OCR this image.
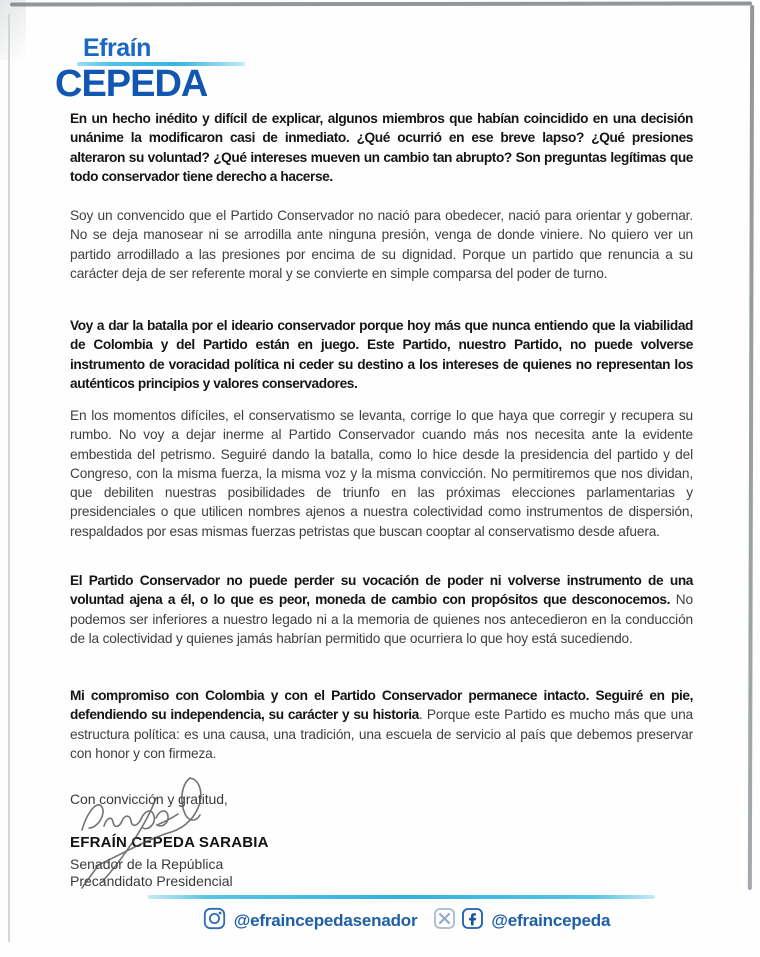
Efraín
CEPEDA

En un hecho inédito y difícil de explicar, algunos miembros que habían coincidido en una decisión unánime la modificaron casi de inmediato. ¿Qué ocurrió en ese breve lapso? ¿Qué presiones alteraron su voluntad? ¿Qué intereses mueven un cambio tan abrupto? Son preguntas legítimas que todo conservador tiene derecho a hacerse.

Soy un convencido que el Partido Conservador no nació para obedecer, nació para orientar y gobernar. No se deja manosear ni se arrodilla ante ninguna presión, venga de donde viniere. No quiero ver un partido arrodillado a las presiones por encima de su dignidad. Porque un partido que renuncia a su carácter deja de ser referente moral y se convierte en simple comparsa del poder de turno.

Voy a dar la batalla por el ideario conservador porque hoy más que nunca entiendo que la viabilidad de Colombia y del Partido están en juego. Este Partido, nuestro Partido, no puede volverse instrumento de voracidad política ni ceder su destino a los intereses de quienes no representan los auténticos principios y valores conservadores.

En los momentos difíciles, el conservatismo se levanta, corrige lo que haya que corregir y recupera su rumbo. No voy a dejar inerme al Partido Conservador cuando más nos necesita ante la evidente embestida del petrismo. Seguiré dando la batalla, como lo hice desde la presidencia del partido y del Congreso, con la misma fuerza, la misma voz y la misma convicción. No permitiremos que nos dividan, que debiliten nuestras posibilidades de triunfo en las próximas elecciones parlamentarias y presidenciales o que utilicen nombres ajenos a nuestra colectividad como instrumentos de dispersión, respaldados por esas mismas fuerzas petristas que buscan cooptar al conservatismo desde afuera.

El Partido Conservador no puede perder su vocación de poder ni volverse instrumento de una voluntad ajena a él, o lo que es peor, moneda de cambio con propósitos que desconocemos. No podemos ser inferiores a nuestro legado ni a la memoria de quienes nos antecedieron en la conducción de la colectividad y quienes jamás habrían permitido que ocurriera lo que hoy está sucediendo.

Mi compromiso con Colombia y con el Partido Conservador permanece intacto. Seguiré en pie, defendiendo su independencia, su carácter y su historia. Porque este Partido es mucho más que una estructura política: es una causa, una tradición, una escuela de servicio al país que debemos preservar con honor y con firmeza.

Con convicción y gratitud,
EFRAÍN CEPEDA SARABIA
Senador de la República
Precandidato Presidencial
@efraincepedasenador	@efraincepeda
